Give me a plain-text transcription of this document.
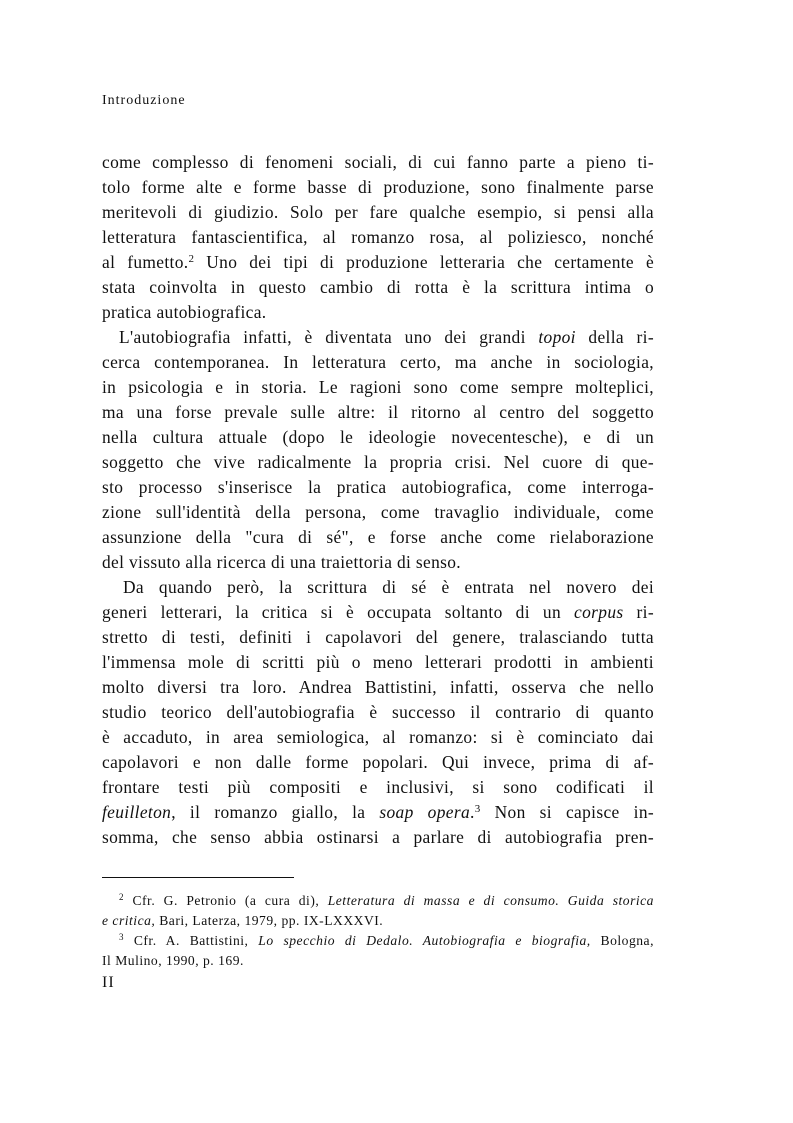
Introduzione
come complesso di fenomeni sociali, di cui fanno parte a pieno ti-
tolo forme alte e forme basse di produzione, sono finalmente parse
meritevoli di giudizio. Solo per fare qualche esempio, si pensi alla
letteratura fantascientifica, al romanzo rosa, al poliziesco, nonché
al fumetto.$^2$ Uno dei tipi di produzione letteraria che certamente è
stata coinvolta in questo cambio di rotta è la scrittura intima o
pratica autobiografica.
L'autobiografia infatti, è diventata uno dei grandi topoi della ri-
cerca contemporanea. In letteratura certo, ma anche in sociologia,
in psicologia e in storia. Le ragioni sono come sempre molteplici,
ma una forse prevale sulle altre: il ritorno al centro del soggetto
nella cultura attuale (dopo le ideologie novecentesche), e di un
soggetto che vive radicalmente la propria crisi. Nel cuore di que-
sto processo s'inserisce la pratica autobiografica, come interroga-
zione sull'identità della persona, come travaglio individuale, come
assunzione della "cura di sé", e forse anche come rielaborazione
del vissuto alla ricerca di una traiettoria di senso.
Da quando però, la scrittura di sé è entrata nel novero dei
generi letterari, la critica si è occupata soltanto di un corpus ri-
stretto di testi, definiti i capolavori del genere, tralasciando tutta
l'immensa mole di scritti più o meno letterari prodotti in ambienti
molto diversi tra loro. Andrea Battistini, infatti, osserva che nello
studio teorico dell'autobiografia è successo il contrario di quanto
è accaduto, in area semiologica, al romanzo: si è cominciato dai
capolavori e non dalle forme popolari. Qui invece, prima di af-
frontare testi più compositi e inclusivi, si sono codificati il
feuilleton, il romanzo giallo, la soap opera.$^3$ Non si capisce in-
somma, che senso abbia ostinarsi a parlare di autobiografia pren-
$^2$ Cfr. G. Petronio (a cura di), Letteratura di massa e di consumo. Guida storica
e critica, Bari, Laterza, 1979, pp. IX-LXXXVI.
$^3$ Cfr. A. Battistini, Lo specchio di Dedalo. Autobiografia e biografia, Bologna,
Il Mulino, 1990, p. 169.
II
